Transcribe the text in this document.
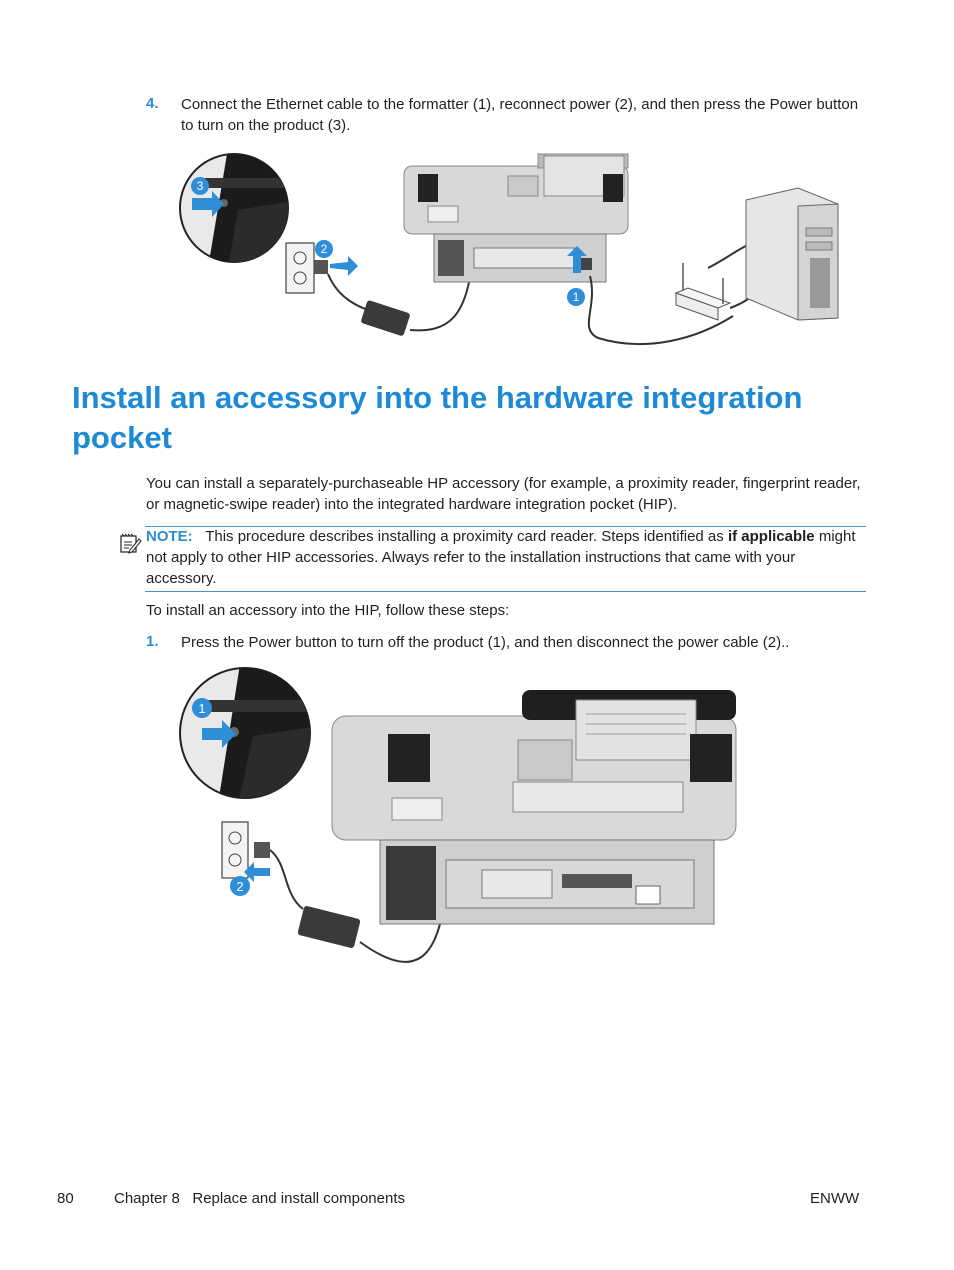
4. Connect the Ethernet cable to the formatter (1), reconnect power (2), and then press the Power button to turn on the product (3).
3
2
1
Install an accessory into the hardware integration pocket
You can install a separately-purchaseable HP accessory (for example, a proximity reader, fingerprint reader, or magnetic-swipe reader) into the integrated hardware integration pocket (HIP).
NOTE: This procedure describes installing a proximity card reader. Steps identified as if applicable might not apply to other HIP accessories. Always refer to the installation instructions that came with your accessory.
To install an accessory into the HIP, follow these steps:
1. Press the Power button to turn off the product (1), and then disconnect the power cable (2)..
1
2
80	Chapter 8   Replace and install components	ENWW
